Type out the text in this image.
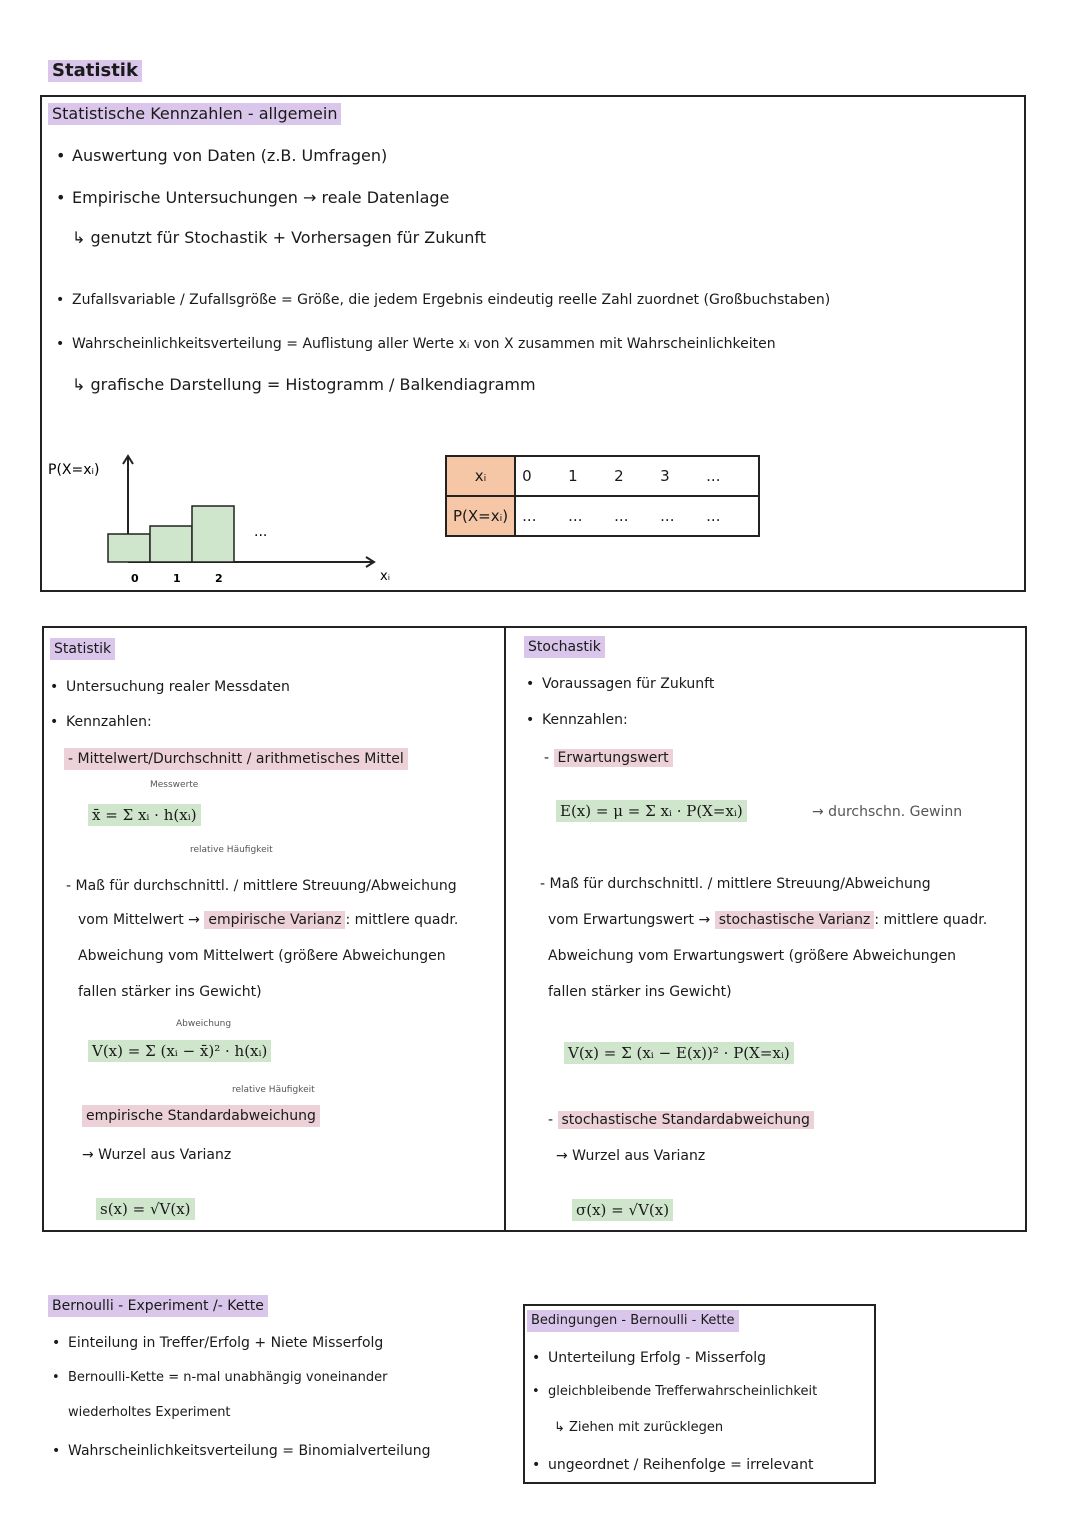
Statistik
Statistische Kennzahlen - allgemein
• Auswertung von Daten (z.B. Umfragen)
• Empirische Untersuchungen → reale Datenlage
↳ genutzt für Stochastik + Vorhersagen für Zukunft
• Zufallsvariable / Zufallsgröße = Größe, die jedem Ergebnis eindeutig reelle Zahl zuordnet (Großbuchstaben)
• Wahrscheinlichkeitsverteilung = Auflistung aller Werte xᵢ von X zusammen mit Wahrscheinlichkeiten
↳ grafische Darstellung = Histogramm / Balkendiagramm
P(X=xᵢ)
xᵢ
...
0	1	2
xᵢ	0 1 2 3 ...
P(X=xᵢ)	... ... ... ... ...
Statistik
• Untersuchung realer Messdaten
• Kennzahlen:
- Mittelwert/Durchschnitt / arithmetisches Mittel
Messwerte
x̄ = Σ xᵢ · h(xᵢ)
relative Häufigkeit
- Maß für durchschnittl. / mittlere Streuung/Abweichung
vom Mittelwert → empirische Varianz : mittlere quadr.
Abweichung vom Mittelwert (größere Abweichungen
fallen stärker ins Gewicht)
Abweichung
V(x) = Σ (xᵢ − x̄)² · h(xᵢ)
relative Häufigkeit
empirische Standardabweichung
→ Wurzel aus Varianz
s(x) = √V(x)
Stochastik
• Voraussagen für Zukunft
• Kennzahlen:
- Erwartungswert
E(x) = μ = Σ xᵢ · P(X=xᵢ)	→ durchschn. Gewinn
- Maß für durchschnittl. / mittlere Streuung/Abweichung
vom Erwartungswert → stochastische Varianz : mittlere quadr.
Abweichung vom Erwartungswert (größere Abweichungen
fallen stärker ins Gewicht)
V(x) = Σ (xᵢ − E(x))² · P(X=xᵢ)
- stochastische Standardabweichung
→ Wurzel aus Varianz
σ(x) = √V(x)
Bernoulli - Experiment /- Kette
• Einteilung in Treffer/Erfolg + Niete Misserfolg
• Bernoulli-Kette = n-mal unabhängig voneinander
wiederholtes Experiment
• Wahrscheinlichkeitsverteilung = Binomialverteilung
Bedingungen - Bernoulli - Kette
• Unterteilung Erfolg - Misserfolg
• gleichbleibende Trefferwahrscheinlichkeit
↳ Ziehen mit zurücklegen
• ungeordnet / Reihenfolge = irrelevant
